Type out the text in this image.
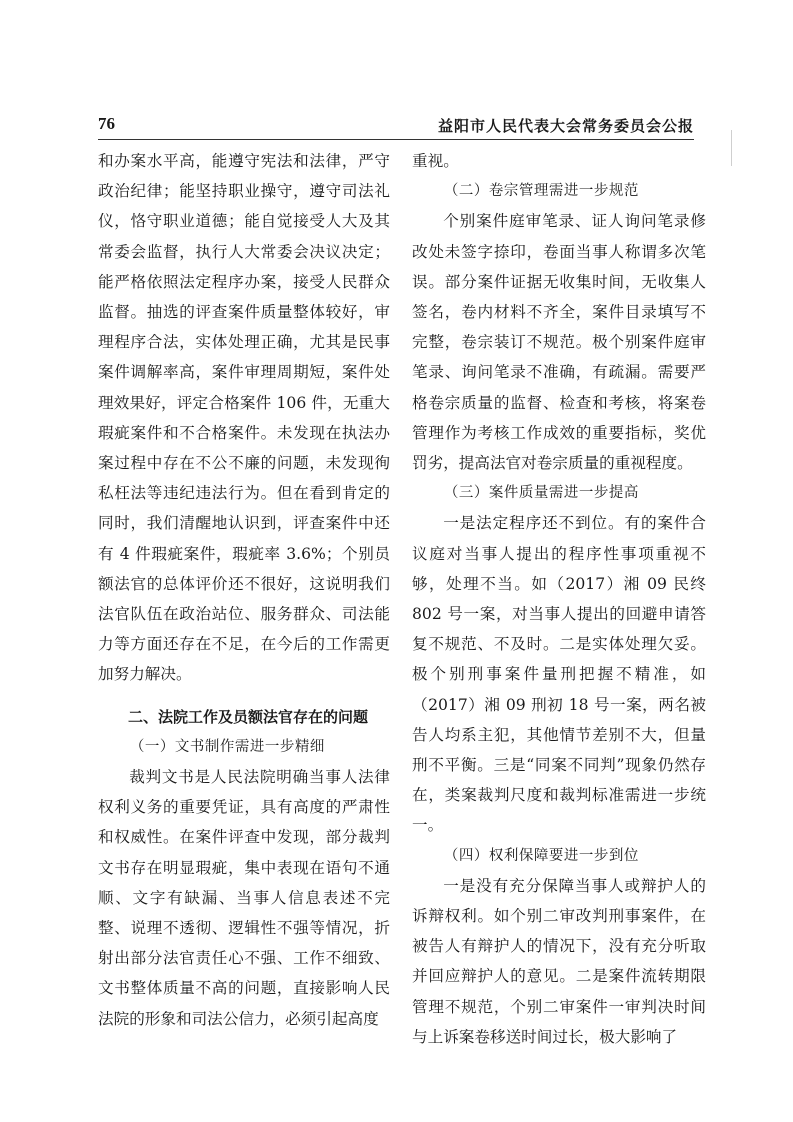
76	益阳市人民代表大会常务委员会公报

和办案水平高，能遵守宪法和法律，严守政治纪律；能坚持职业操守，遵守司法礼仪，恪守职业道德；能自觉接受人大及其常委会监督，执行人大常委会决议决定；能严格依照法定程序办案，接受人民群众监督。抽选的评查案件质量整体较好，审理程序合法，实体处理正确，尤其是民事案件调解率高，案件审理周期短，案件处理效果好，评定合格案件 106 件，无重大瑕疵案件和不合格案件。未发现在执法办案过程中存在不公不廉的问题，未发现徇私枉法等违纪违法行为。但在看到肯定的同时，我们清醒地认识到，评查案件中还有 4 件瑕疵案件，瑕疵率 3.6%；个别员额法官的总体评价还不很好，这说明我们法官队伍在政治站位、服务群众、司法能力等方面还存在不足，在今后的工作需更加努力解决。

二、法院工作及员额法官存在的问题

（一）文书制作需进一步精细

裁判文书是人民法院明确当事人法律权利义务的重要凭证，具有高度的严肃性和权威性。在案件评查中发现，部分裁判文书存在明显瑕疵，集中表现在语句不通顺、文字有缺漏、当事人信息表述不完整、说理不透彻、逻辑性不强等情况，折射出部分法官责任心不强、工作不细致、文书整体质量不高的问题，直接影响人民法院的形象和司法公信力，必须引起高度

重视。

（二）卷宗管理需进一步规范

个别案件庭审笔录、证人询问笔录修改处未签字捺印，卷面当事人称谓多次笔误。部分案件证据无收集时间，无收集人签名，卷内材料不齐全，案件目录填写不完整，卷宗装订不规范。极个别案件庭审笔录、询问笔录不准确，有疏漏。需要严格卷宗质量的监督、检查和考核，将案卷管理作为考核工作成效的重要指标，奖优罚劣，提高法官对卷宗质量的重视程度。

（三）案件质量需进一步提高

一是法定程序还不到位。有的案件合议庭对当事人提出的程序性事项重视不够，处理不当。如（2017）湘 09 民终 802 号一案，对当事人提出的回避申请答复不规范、不及时。二是实体处理欠妥。极个别刑事案件量刑把握不精准，如（2017）湘 09 刑初 18 号一案，两名被告人均系主犯，其他情节差别不大，但量刑不平衡。三是“同案不同判”现象仍然存在，类案裁判尺度和裁判标准需进一步统一。

（四）权利保障要进一步到位

一是没有充分保障当事人或辩护人的诉辩权利。如个别二审改判刑事案件，在被告人有辩护人的情况下，没有充分听取并回应辩护人的意见。二是案件流转期限管理不规范，个别二审案件一审判决时间与上诉案卷移送时间过长，极大影响了
